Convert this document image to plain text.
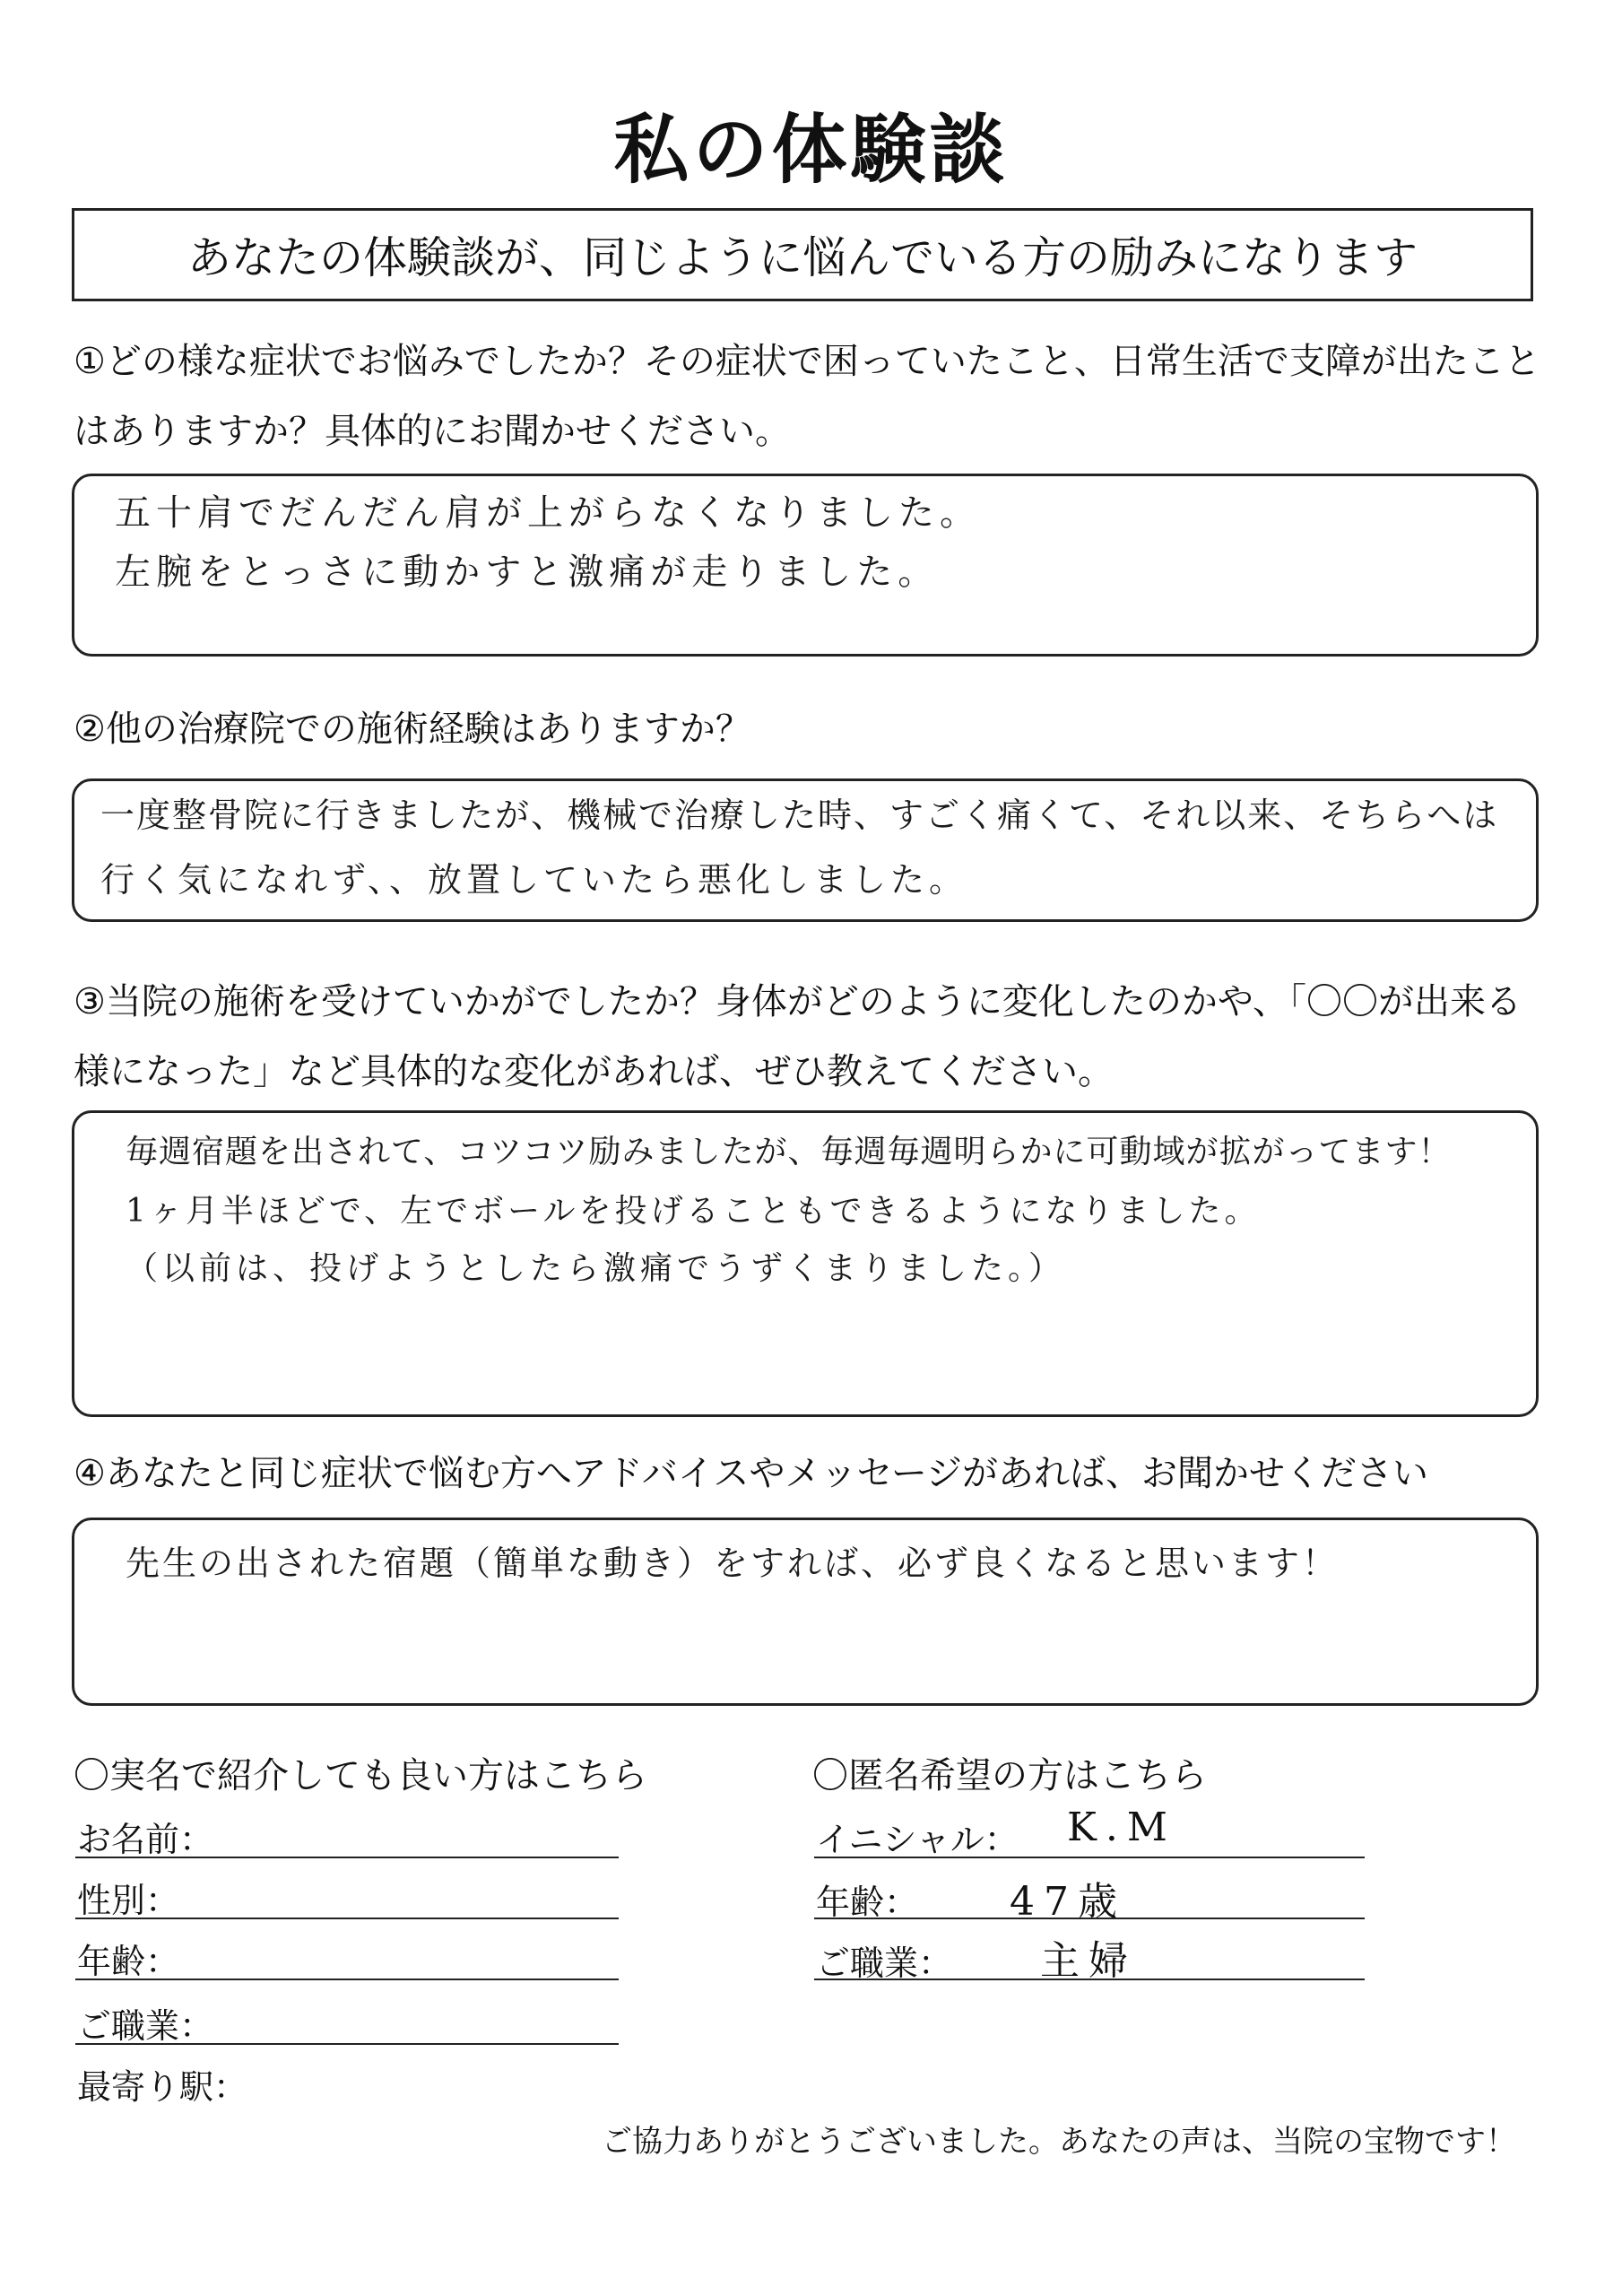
私の体験談
あなたの体験談が、同じように悩んでいる方の励みになります
①どの様な症状でお悩みでしたか？その症状で困っていたこと、日常生活で支障が出たこと
はありますか？具体的にお聞かせください。
五十肩でだんだん肩が上がらなくなりました。
左腕をとっさに動かすと激痛が走りました。
②他の治療院での施術経験はありますか？
一度整骨院に行きましたが、機械で治療した時、すごく痛くて、それ以来、そちらへは
行く気になれず、、放置していたら悪化しました。
③当院の施術を受けていかがでしたか？身体がどのように変化したのかや、「〇〇が出来る
様になった」など具体的な変化があれば、ぜひ教えてください。
毎週宿題を出されて、コツコツ励みましたが、毎週毎週明らかに可動域が拡がってます！
1ヶ月半ほどで、左でボールを投げることもできるようになりました。
（以前は、投げようとしたら激痛でうずくまりました。）
④あなたと同じ症状で悩む方へアドバイスやメッセージがあれば、お聞かせください
先生の出された宿題（簡単な動き）をすれば、必ず良くなると思います！
〇実名で紹介しても良い方はこちら
お名前：
性別：
年齢：
ご職業：
最寄り駅：
〇匿名希望の方はこちら
イニシャル： K.M
年齢： 47歳
ご職業： 主婦
ご協力ありがとうございました。あなたの声は、当院の宝物です！
